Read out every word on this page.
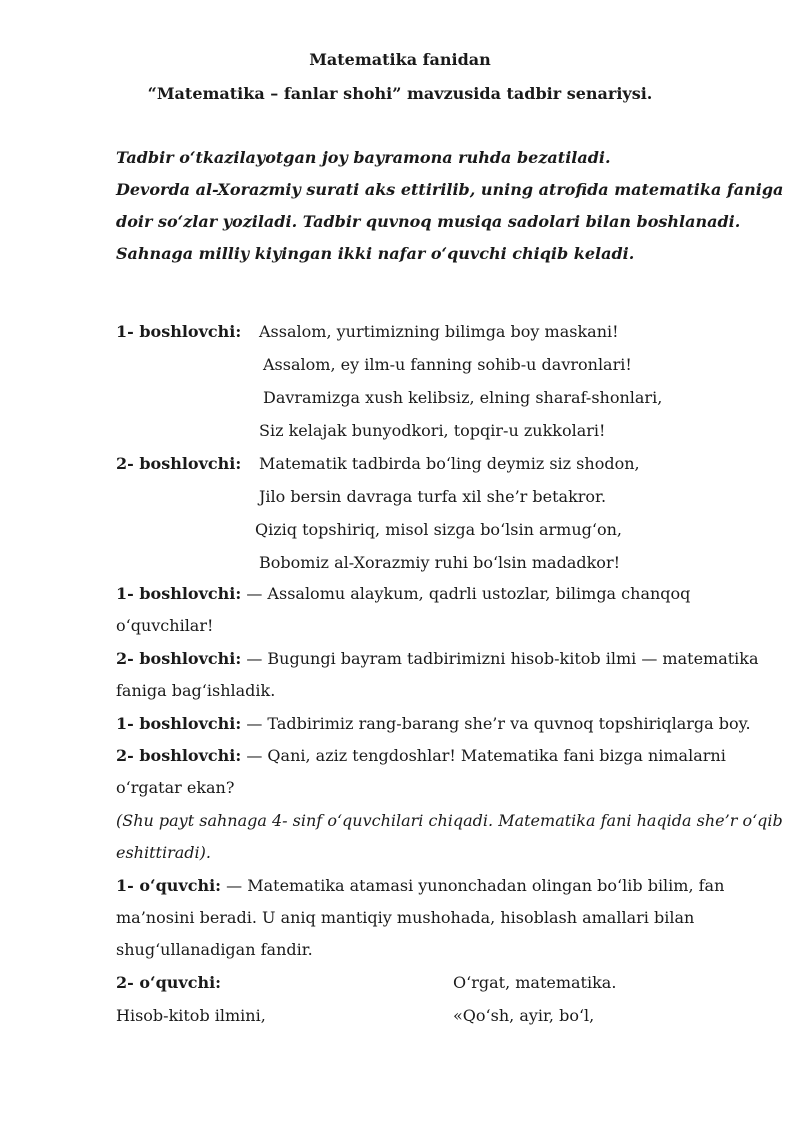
Matematika fanidan
“Matematika – fanlar shohi” mavzusida tadbir senariysi.
Tadbir o‘tkazilayotgan joy bayramona ruhda bezatiladi.
Devorda al-Xorazmiy surati aks ettirilib, uning atrofida matematika faniga
doir so‘zlar yoziladi. Tadbir quvnoq musiqa sadolari bilan boshlanadi.
Sahnaga milliy kiyingan ikki nafar o‘quvchi chiqib keladi.
1- boshlovchi: Assalom, yurtimizning bilimga boy maskani!
Assalom, ey ilm-u fanning sohib-u davronlari!
Davramizga xush kelibsiz, elning sharaf-shonlari,
Siz kelajak bunyodkori, topqir-u zukkolari!
2- boshlovchi: Matematik tadbirda bo‘ling deymiz siz shodon,
Jilo bersin davraga turfa xil she’r betakror.
Qiziq topshiriq, misol sizga bo‘lsin armug‘on,
Bobomiz al-Xorazmiy ruhi bo‘lsin madadkor!
1- boshlovchi: — Assalomu alaykum, qadrli ustozlar, bilimga chanqoq
o‘quvchilar!
2- boshlovchi: — Bugungi bayram tadbirimizni hisob-kitob ilmi — matematika
faniga bag‘ishladik.
1- boshlovchi: — Tadbirimiz rang-barang she’r va quvnoq topshiriqlarga boy.
2- boshlovchi: — Qani, aziz tengdoshlar! Matematika fani bizga nimalarni
o‘rgatar ekan?
(Shu payt sahnaga 4- sinf o‘quvchilari chiqadi. Matematika fani haqida she’r o‘qib
eshittiradi).
1- o‘quvchi: — Matematika atamasi yunonchadan olingan bo‘lib bilim, fan
ma’nosini beradi. U aniq mantiqiy mushohada, hisoblash amallari bilan
shug‘ullanadigan fandir.
2- o‘quvchi:	O‘rgat, matematika.
Hisob-kitob ilmini,	«Qo‘sh, ayir, bo‘l,
